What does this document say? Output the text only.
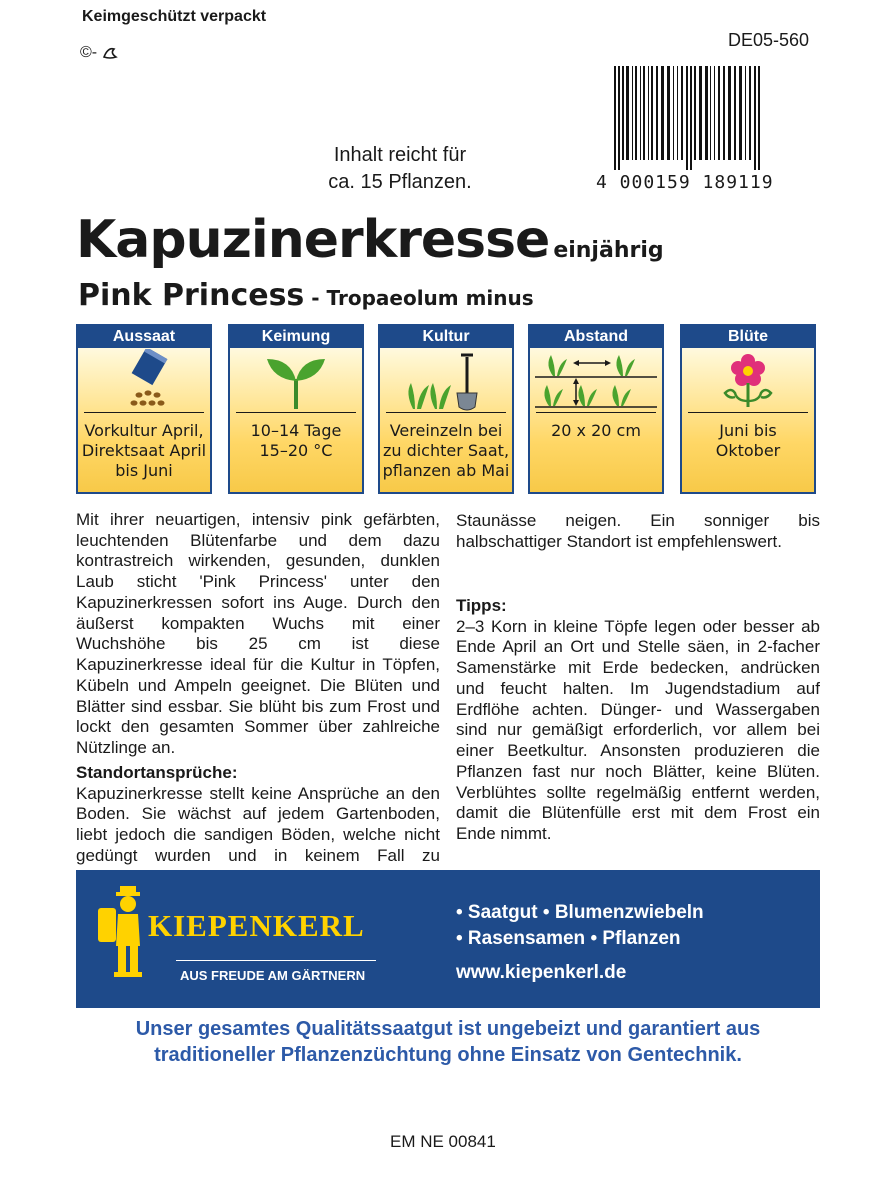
Keimgeschützt verpackt
©-
DE05-560
4 000159 189119
Inhalt reicht für
ca. 15 Pflanzen.
Kapuzinerkresse einjährig
Pink Princess - Tropaeolum minus
Aussaat
Vorkultur April,
Direktsaat April
bis Juni
Keimung
10–14 Tage
15–20 °C
Kultur
Vereinzeln bei
zu dichter Saat,
pflanzen ab Mai
Abstand
20 x 20 cm
Blüte
Juni bis
Oktober

Mit ihrer neuartigen, intensiv pink gefärbten, leuchtenden Blütenfarbe und dem dazu kontrastreich wirkenden, gesunden, dunklen Laub sticht 'Pink Princess' unter den Kapuzinerkressen sofort ins Auge. Durch den äußerst kompakten Wuchs mit einer Wuchshöhe bis 25 cm ist diese Kapuzinerkresse ideal für die Kultur in Töpfen, Kübeln und Ampeln geeignet. Die Blüten und Blätter sind essbar. Sie blüht bis zum Frost und lockt den gesamten Sommer über zahlreiche Nützlinge an.

Standortansprüche:

Kapuzinerkresse stellt keine Ansprüche an den Boden. Sie wächst auf jedem Gartenboden, liebt jedoch die sandigen Böden, welche nicht gedüngt wurden und in keinem Fall zu

Staunässe neigen. Ein sonniger bis halbschattiger Standort ist empfehlenswert.

Tipps:

2–3 Korn in kleine Töpfe legen oder besser ab Ende April an Ort und Stelle säen, in 2-facher Samenstärke mit Erde bedecken, andrücken und feucht halten. Im Jugendstadium auf Erdflöhe achten. Dünger- und Wassergaben sind nur gemäßigt erforderlich, vor allem bei einer Beetkultur. Ansonsten produzieren die Pflanzen fast nur noch Blätter, keine Blüten. Verblühtes sollte regelmäßig entfernt werden, damit die Blütenfülle erst mit dem Frost ein Ende nimmt.

KIEPENKERL
AUS FREUDE AM GÄRTNERN
• Saatgut • Blumenzwiebeln
• Rasensamen • Pflanzen
www.kiepenkerl.de
Unser gesamtes Qualitätssaatgut ist ungebeizt und garantiert aus
traditioneller Pflanzenzüchtung ohne Einsatz von Gentechnik.
EM NE 00841
